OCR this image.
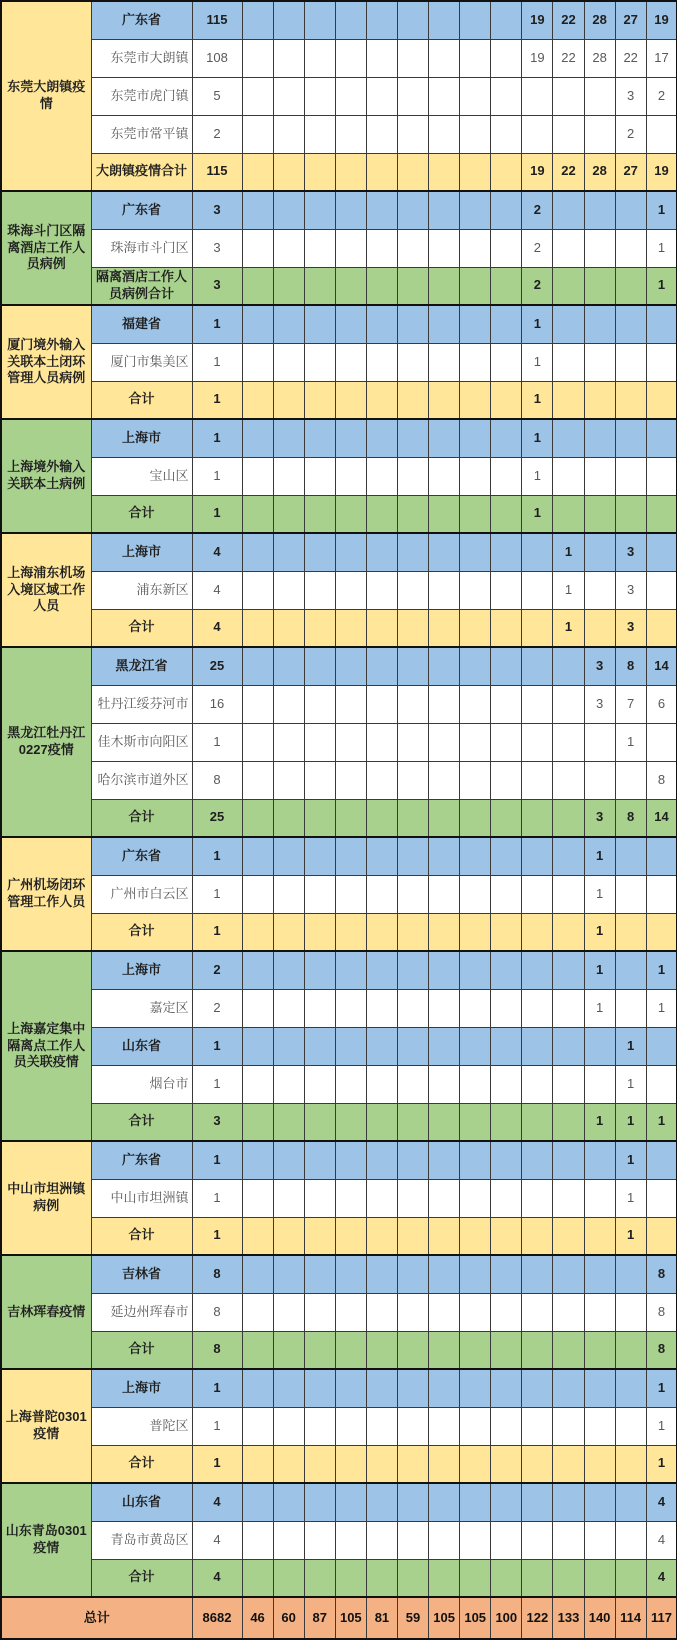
东莞大朗镇疫情	广东省	115										19	22	28	27	19
	东莞市大朗镇	108										19	22	28	22	17
	东莞市虎门镇	5													3	2
	东莞市常平镇	2													2	
	大朗镇疫情合计	115										19	22	28	27	19
珠海斗门区隔离酒店工作人员病例	广东省	3										2				1
	珠海市斗门区	3										2				1
	隔离酒店工作人员病例合计	3										2				1
厦门境外输入关联本土闭环管理人员病例	福建省	1										1				
	厦门市集美区	1										1				
	合计	1										1				
上海境外输入关联本土病例	上海市	1										1				
	宝山区	1										1				
	合计	1										1				
上海浦东机场入境区域工作人员	上海市	4											1		3	
	浦东新区	4											1		3	
	合计	4											1		3	
黑龙江牡丹江0227疫情	黑龙江省	25												3	8	14
	牡丹江绥芬河市	16												3	7	6
	佳木斯市向阳区	1													1	
	哈尔滨市道外区	8														8
	合计	25												3	8	14
广州机场闭环管理工作人员	广东省	1												1		
	广州市白云区	1												1		
	合计	1												1		
上海嘉定集中隔离点工作人员关联疫情	上海市	2												1		1
	嘉定区	2												1		1
	山东省	1													1	
	烟台市	1													1	
	合计	3												1	1	1
中山市坦洲镇病例	广东省	1													1	
	中山市坦洲镇	1													1	
	合计	1													1	
吉林珲春疫情	吉林省	8														8
	延边州珲春市	8														8
	合计	8														8
上海普陀0301疫情	上海市	1														1
	普陀区	1														1
	合计	1														1
山东青岛0301疫情	山东省	4														4
	青岛市黄岛区	4														4
	合计	4														4
总计		8682	46	60	87	105	81	59	105	105	100	122	133	140	114	117
